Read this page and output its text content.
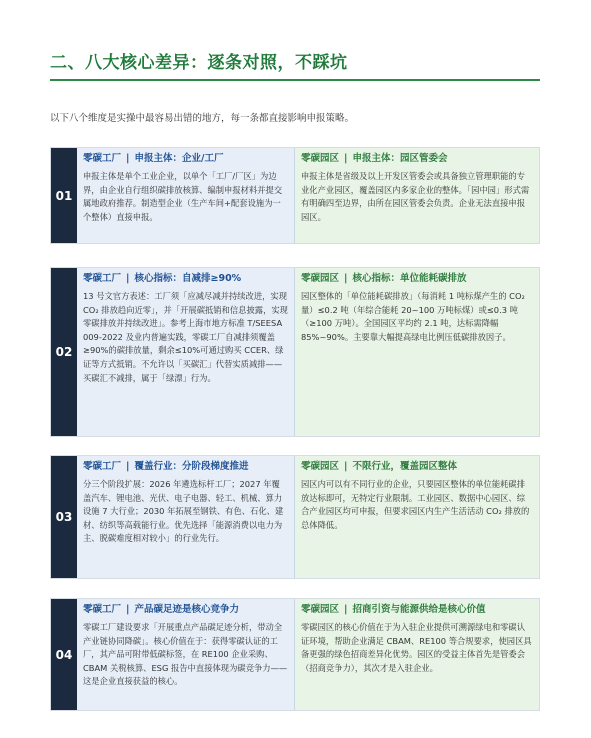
二、八大核心差异：逐条对照，不踩坑
以下八个维度是实操中最容易出错的地方，每一条都直接影响申报策略。
01
零碳工厂 | 申报主体：企业/工厂
申报主体是单个工业企业，以单个「工厂/厂区」为边界，由企业自行组织碳排放核算、编制申报材料并提交属地政府推荐。制造型企业（生产车间+配套设施为一个整体）直接申报。
零碳园区 | 申报主体：园区管委会
申报主体是省级及以上开发区管委会或具备独立管理职能的专业化产业园区，覆盖园区内多家企业的整体。「园中园」形式需有明确四至边界，由所在园区管委会负责。企业无法直接申报园区。
02
零碳工厂 | 核心指标：自减排≥90%
13 号文官方表述：工厂须「应减尽减并持续改进，实现 CO₂ 排放趋向近零」，并「开展碳抵销和信息披露，实现零碳排放并持续改进」。参考上海市地方标准 T/SEESA 009-2022 及业内普遍实践，零碳工厂自减排须覆盖≥90%的碳排放量，剩余≤10%可通过购买 CCER、绿证等方式抵销。不允许以「买碳汇」代替实质减排——买碳汇不减排，属于「绿漂」行为。
零碳园区 | 核心指标：单位能耗碳排放
园区整体的「单位能耗碳排放」（每消耗 1 吨标煤产生的 CO₂ 量）≤0.2 吨（年综合能耗 20~100 万吨标煤）或≤0.3 吨（≥100 万吨）。全国园区平均约 2.1 吨，达标需降幅 85%~90%。主要靠大幅提高绿电比例压低碳排放因子。
03
零碳工厂 | 覆盖行业：分阶段梯度推进
分三个阶段扩展：2026 年遴选标杆工厂；2027 年覆盖汽车、锂电池、光伏、电子电器、轻工、机械、算力设施 7 大行业；2030 年拓展至钢铁、有色、石化、建材、纺织等高载能行业。优先选择「能源消费以电力为主、脱碳难度相对较小」的行业先行。
零碳园区 | 不限行业，覆盖园区整体
园区内可以有不同行业的企业，只要园区整体的单位能耗碳排放达标即可，无特定行业限制。工业园区、数据中心园区、综合产业园区均可申报，但要求园区内生产生活活动 CO₂ 排放的总体降低。
04
零碳工厂 | 产品碳足迹是核心竞争力
零碳工厂建设要求「开展重点产品碳足迹分析，带动全产业链协同降碳」。核心价值在于：获得零碳认证的工厂，其产品可附带低碳标签，在 RE100 企业采购、CBAM 关税核算、ESG 报告中直接体现为碳竞争力——这是企业直接获益的核心。
零碳园区 | 招商引资与能源供给是核心价值
零碳园区的核心价值在于为入驻企业提供可溯源绿电和零碳认证环境，帮助企业满足 CBAM、RE100 等合规要求，使园区具备更强的绿色招商差异化优势。园区的受益主体首先是管委会（招商竞争力），其次才是入驻企业。
